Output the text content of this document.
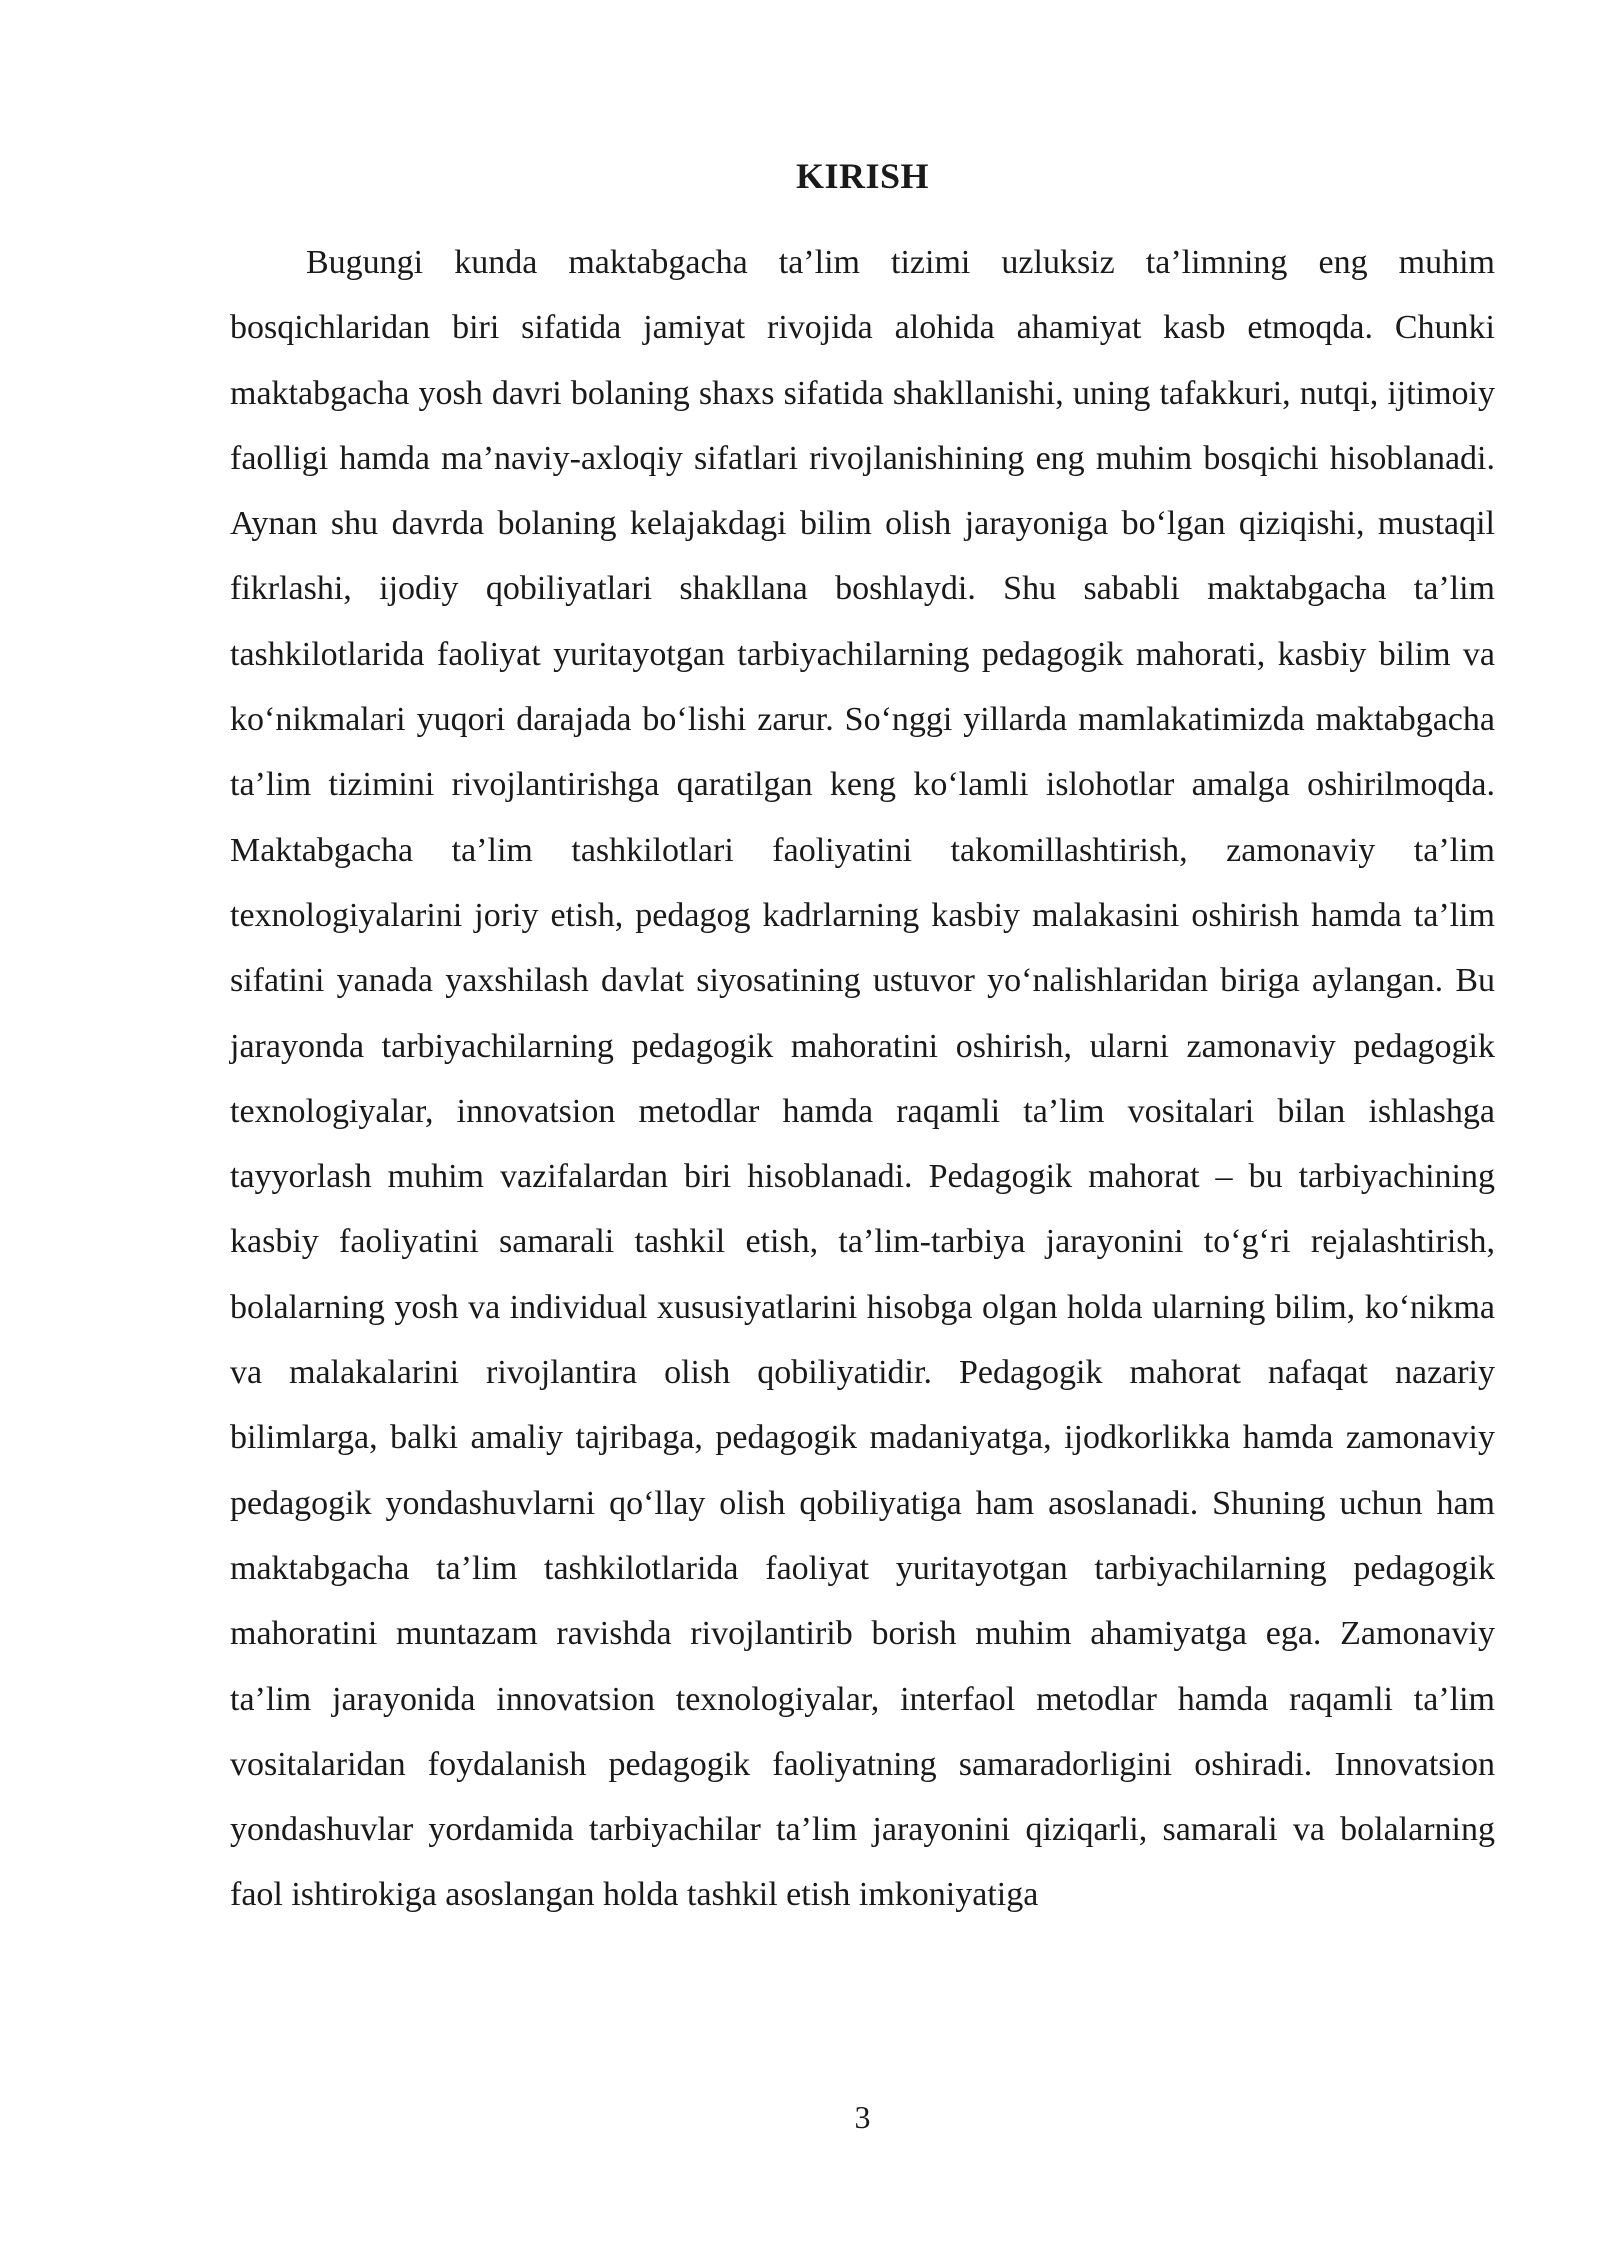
KIRISH

Bugungi kunda maktabgacha ta’lim tizimi uzluksiz ta’limning eng muhim bosqichlaridan biri sifatida jamiyat rivojida alohida ahamiyat kasb etmoqda. Chunki maktabgacha yosh davri bolaning shaxs sifatida shakllanishi, uning tafakkuri, nutqi, ijtimoiy faolligi hamda ma’naviy-axloqiy sifatlari rivojlanishining eng muhim bosqichi hisoblanadi. Aynan shu davrda bolaning kelajakdagi bilim olish jarayoniga bo‘lgan qiziqishi, mustaqil fikrlashi, ijodiy qobiliyatlari shakllana boshlaydi. Shu sababli maktabgacha ta’lim tashkilotlarida faoliyat yuritayotgan tarbiyachilarning pedagogik mahorati, kasbiy bilim va ko‘nikmalari yuqori darajada bo‘lishi zarur. So‘nggi yillarda mamlakatimizda maktabgacha ta’lim tizimini rivojlantirishga qaratilgan keng ko‘lamli islohotlar amalga oshirilmoqda. Maktabgacha ta’lim tashkilotlari faoliyatini takomillashtirish, zamonaviy ta’lim texnologiyalarini joriy etish, pedagog kadrlarning kasbiy malakasini oshirish hamda ta’lim sifatini yanada yaxshilash davlat siyosatining ustuvor yo‘nalishlaridan biriga aylangan. Bu jarayonda tarbiyachilarning pedagogik mahoratini oshirish, ularni zamonaviy pedagogik texnologiyalar, innovatsion metodlar hamda raqamli ta’lim vositalari bilan ishlashga tayyorlash muhim vazifalardan biri hisoblanadi. Pedagogik mahorat – bu tarbiyachining kasbiy faoliyatini samarali tashkil etish, ta’lim-tarbiya jarayonini to‘g‘ri rejalashtirish, bolalarning yosh va individual xususiyatlarini hisobga olgan holda ularning bilim, ko‘nikma va malakalarini rivojlantira olish qobiliyatidir. Pedagogik mahorat nafaqat nazariy bilimlarga, balki amaliy tajribaga, pedagogik madaniyatga, ijodkorlikka hamda zamonaviy pedagogik yondashuvlarni qo‘llay olish qobiliyatiga ham asoslanadi. Shuning uchun ham maktabgacha ta’lim tashkilotlarida faoliyat yuritayotgan tarbiyachilarning pedagogik mahoratini muntazam ravishda rivojlantirib borish muhim ahamiyatga ega. Zamonaviy ta’lim jarayonida innovatsion texnologiyalar, interfaol metodlar hamda raqamli ta’lim vositalaridan foydalanish pedagogik faoliyatning samaradorligini oshiradi. Innovatsion yondashuvlar yordamida tarbiyachilar ta’lim jarayonini qiziqarli, samarali va bolalarning faol ishtirokiga asoslangan holda tashkil etish imkoniyatiga

3
